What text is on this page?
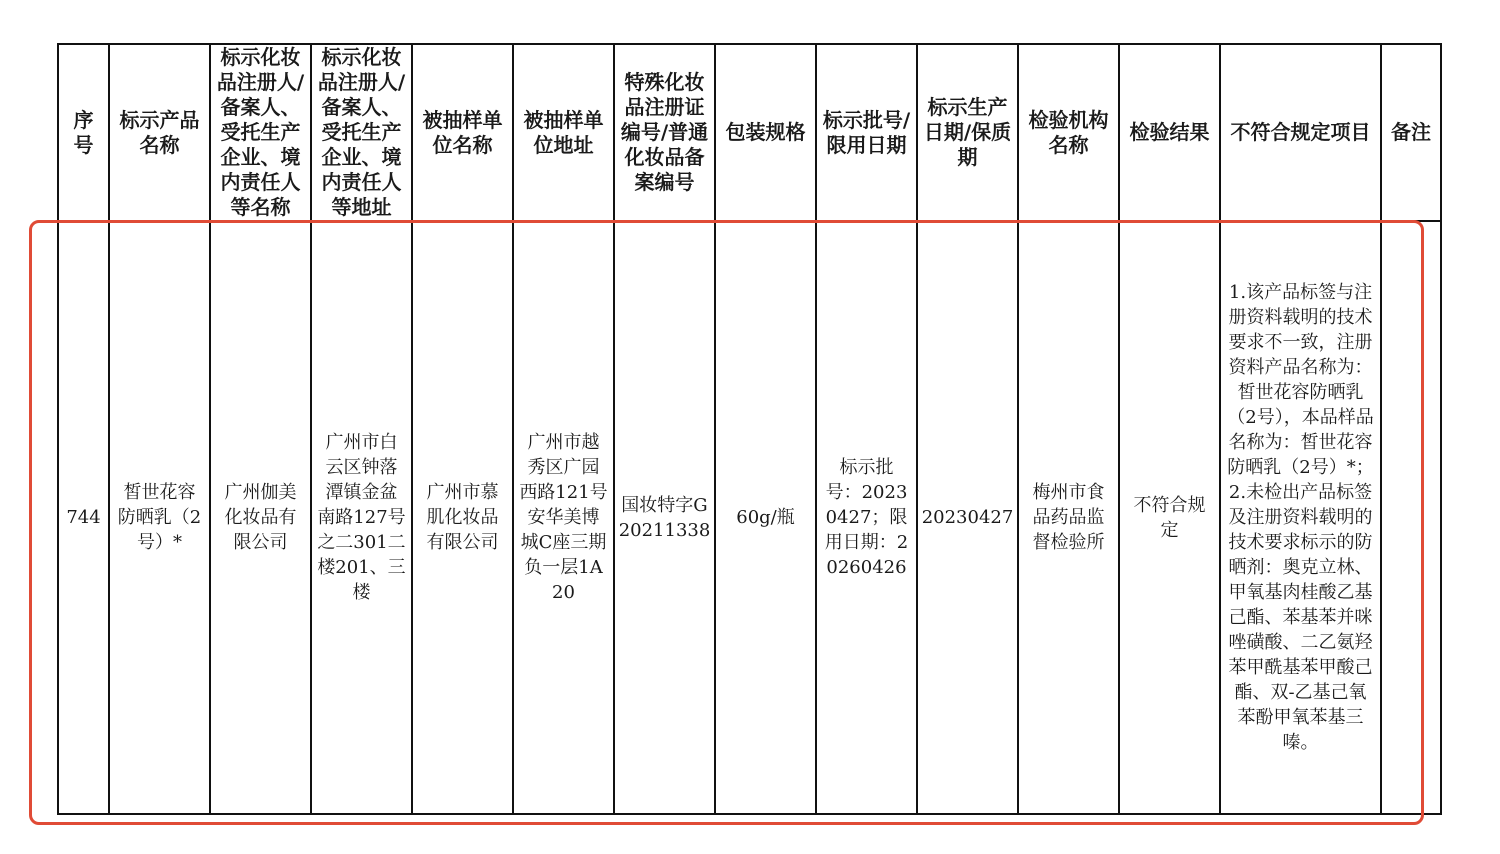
序号	标示产品名称	标示化妆品注册人/备案人、受托生产企业、境内责任人等名称	标示化妆品注册人/备案人、受托生产企业、境内责任人等地址	被抽样单位名称	被抽样单位地址	特殊化妆品注册证编号/普通化妆品备案编号	包装规格	标示批号/限用日期	标示生产日期/保质期	检验机构名称	检验结果	不符合规定项目	备注
744	皙世花容防晒乳（2号）*	广州伽美化妆品有限公司	广州市白云区钟落潭镇金盆南路127号之二301二楼201、三楼	广州市慕肌化妆品有限公司	广州市越秀区广园西路121号安华美博城C座三期负一层1A20	国妆特字G20211338	60g/瓶	标示批号：20230427；限用日期：20260426	20230427	梅州市食品药品监督检验所	不符合规定	1.该产品标签与注册资料载明的技术要求不一致，注册资料产品名称为：皙世花容防晒乳（2号），本品样品名称为：皙世花容防晒乳（2号）*；2.未检出产品标签及注册资料载明的技术要求标示的防晒剂：奥克立林、甲氧基肉桂酸乙基己酯、苯基苯并咪唑磺酸、二乙氨羟苯甲酰基苯甲酸己酯、双-乙基己氧苯酚甲氧苯基三嗪。	
